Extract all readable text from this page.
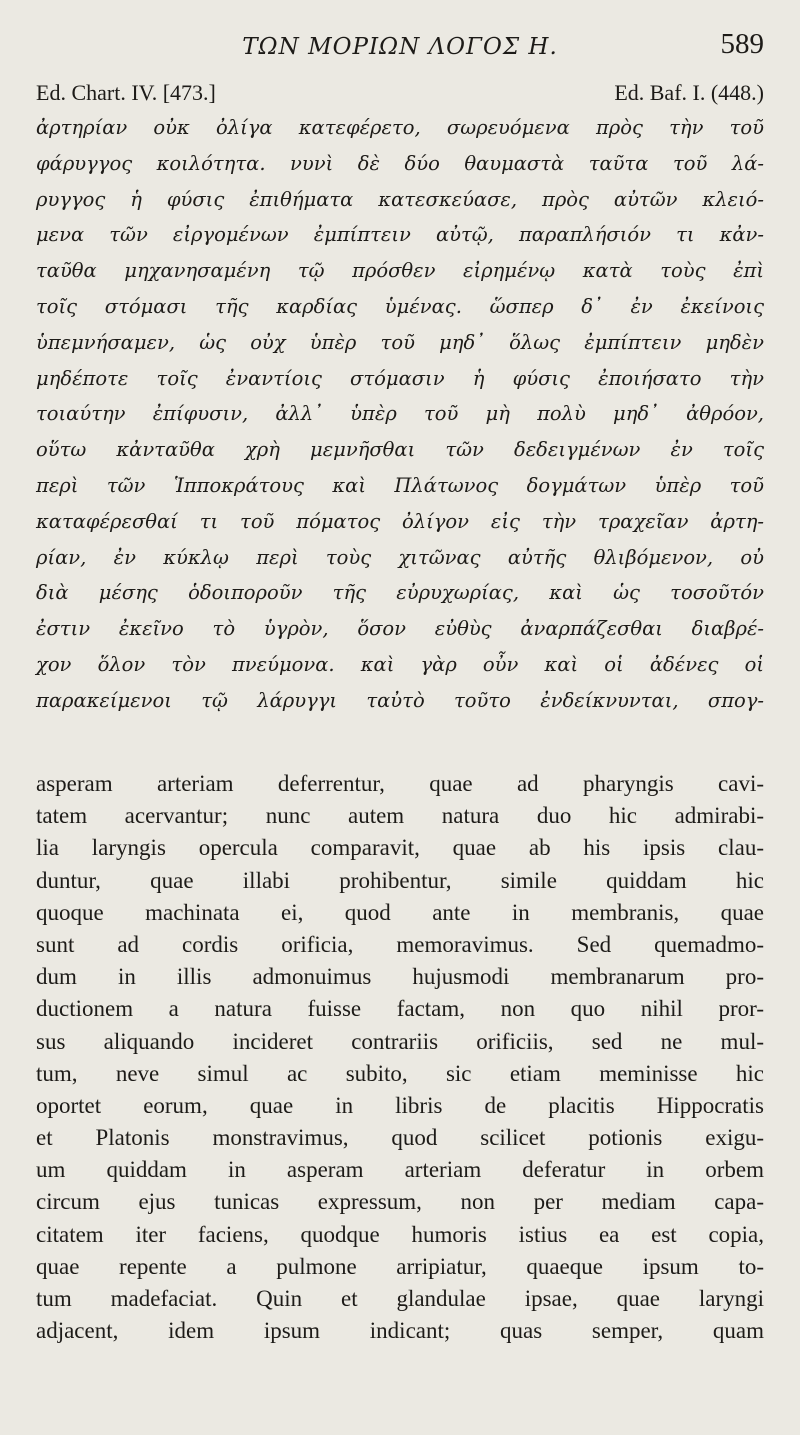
ΤΩΝ ΜΟΡΙΩΝ ΛΟΓΟΣ Η.	589
Ed. Chart. IV. [473.]	Ed. Baf. I. (448.)
ἀρτηρίαν οὐκ ὀλίγα κατεφέρετο, σωρευόμενα πρὸς τὴν τοῦ
φάρυγγος κοιλότητα. νυνὶ δὲ δύο θαυμαστὰ ταῦτα τοῦ λά-
ρυγγος ἡ φύσις ἐπιθήματα κατεσκεύασε, πρὸς αὐτῶν κλειό-
μενα τῶν εἰργομένων ἐμπίπτειν αὐτῷ, παραπλήσιόν τι κἀν-
ταῦθα μηχανησαμένη τῷ πρόσθεν εἰρημένῳ κατὰ τοὺς ἐπὶ
τοῖς στόμασι τῆς καρδίας ὑμένας. ὥσπερ δ᾽ ἐν ἐκείνοις
ὑπεμνήσαμεν, ὡς οὐχ ὑπὲρ τοῦ μηδ᾽ ὅλως ἐμπίπτειν μηδὲν
μηδέποτε τοῖς ἐναντίοις στόμασιν ἡ φύσις ἐποιήσατο τὴν
τοιαύτην ἐπίφυσιν, ἀλλ᾽ ὑπὲρ τοῦ μὴ πολὺ μηδ᾽ ἀθρόον,
οὕτω κἀνταῦθα χρὴ μεμνῆσθαι τῶν δεδειγμένων ἐν τοῖς
περὶ τῶν Ἱπποκράτους καὶ Πλάτωνος δογμάτων ὑπὲρ τοῦ
καταφέρεσθαί τι τοῦ πόματος ὀλίγον εἰς τὴν τραχεῖαν ἀρτη-
ρίαν, ἐν κύκλῳ περὶ τοὺς χιτῶνας αὐτῆς θλιβόμενον, οὐ
διὰ μέσης ὁδοιποροῦν τῆς εὐρυχωρίας, καὶ ὡς τοσοῦτόν
ἐστιν ἐκεῖνο τὸ ὑγρὸν, ὅσον εὐθὺς ἀναρπάζεσθαι διαβρέ-
χον ὅλον τὸν πνεύμονα. καὶ γὰρ οὖν καὶ οἱ ἀδένες οἱ
παρακείμενοι τῷ λάρυγγι ταὐτὸ τοῦτο ἐνδείκνυνται, σπογ-
asperam arteriam deferrentur, quae ad pharyngis cavi-
tatem acervantur; nunc autem natura duo hic admirabi-
lia laryngis opercula comparavit, quae ab his ipsis clau-
duntur, quae illabi prohibentur, simile quiddam hic
quoque machinata ei, quod ante in membranis, quae
sunt ad cordis orificia, memoravimus. Sed quemadmo-
dum in illis admonuimus hujusmodi membranarum pro-
ductionem a natura fuisse factam, non quo nihil pror-
sus aliquando incideret contrariis orificiis, sed ne mul-
tum, neve simul ac subito, sic etiam meminisse hic
oportet eorum, quae in libris de placitis Hippocratis
et Platonis monstravimus, quod scilicet potionis exigu-
um quiddam in asperam arteriam deferatur in orbem
circum ejus tunicas expressum, non per mediam capa-
citatem iter faciens, quodque humoris istius ea est copia,
quae repente a pulmone arripiatur, quaeque ipsum to-
tum madefaciat. Quin et glandulae ipsae, quae laryngi
adjacent, idem ipsum indicant; quas semper, quam
